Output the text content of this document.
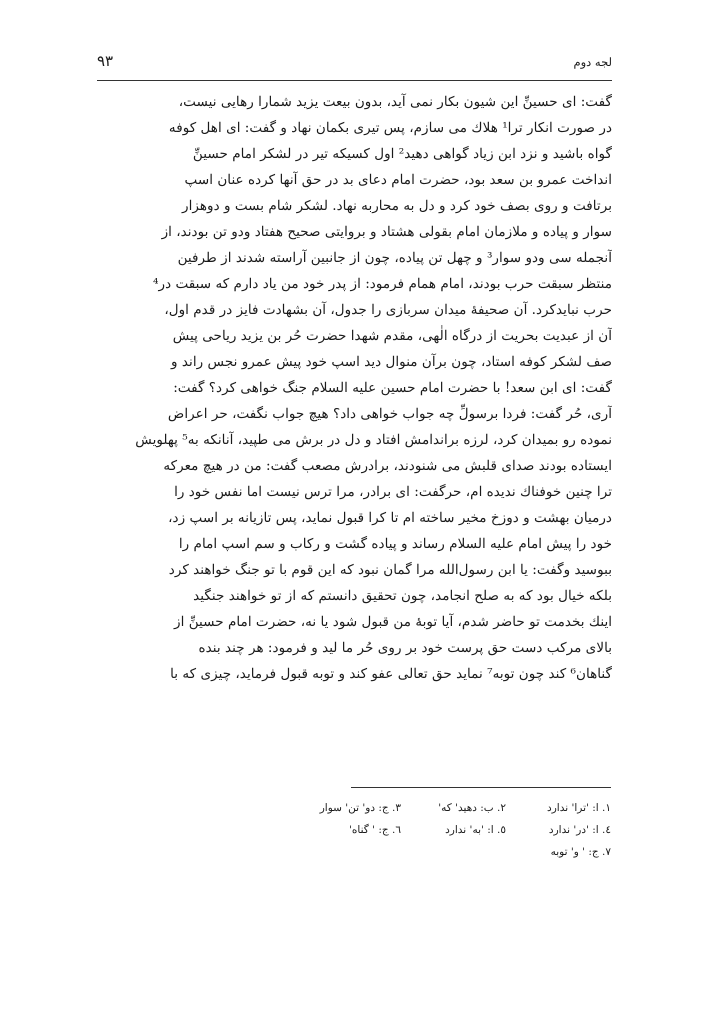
۹۳	لجه دوم
گفت: ای حسینِّ این شیون بکار نمی آید، بدون بیعت یزید شمارا رهایی نیست،
در صورت انکار ترا¹ هلاك می سازم، پس تیری بکمان نهاد و گفت: ای اهل کوفه
گواه باشید و نزد ابن زیاد گواهی دهید² اول کسیکه تیر در لشکر امام حسینِّ
انداخت عمرو بن سعد بود، حضرت امام دعای بد در حق آنها کرده عنان اسپ
برتافت و روی بصف خود کرد و دل به محاربه نهاد. لشکر شام بست و دوهزار
سوار و پیاده و ملازمان امام بقولی هشتاد و بروایتی صحیح هفتاد ودو تن بودند، از
آنجمله سی ودو سوار³ و چهل تن پیاده، چون از جانبین آراسته شدند از طرفین
منتظر سبقت حرب بودند، امام همام فرمود: از پدر خود من یاد دارم که سبقت در⁴
حرب نبایدکرد. آن صحیفهٔ میدان سربازی را جدول، آن بشهادت فایز در قدم اول،
آن از عبدیت بحریت از درگاه الٰهی، مقدم شهدا حضرت حُر بن یزید ریاحی پیش
صف لشکر کوفه استاد، چون برآن منوال دید اسپ خود پیش عمرو نجس راند و
گفت: ای ابن سعد! با حضرت امام حسین علیه السلام جنگ خواهی کرد؟ گفت:
آری، حُر گفت: فردا برسولِّ چه جواب خواهی داد؟ هیچ جواب نگفت، حر اعراض
نموده رو بمیدان کرد، لرزه براندامش افتاد و دل در برش می طپید، آنانکه به⁵ پهلویش
ایستاده بودند صدای قلبش می شنودند، برادرش مصعب گفت: من در هیچ معرکه
ترا چنین خوفناك ندیده ام، حرگفت: ای برادر، مرا ترس نیست اما نفس خود را
درمیان بهشت و دوزخ مخیر ساخته ام تا کرا قبول نماید، پس تازیانه بر اسپ زد،
خود را پیش امام علیه السلام رساند و پیاده گشت و رکاب و سم اسپ امام را
ببوسید وگفت: یا ابن رسول‌الله مرا گمان نبود که این قوم با تو جنگ خواهند کرد
بلکه خیال بود که به صلح انجامد، چون تحقیق دانستم که از تو خواهند جنگید
اینك بخدمت تو حاضر شدم، آیا توبهٔ من قبول شود یا نه، حضرت امام حسینِّ از
بالای مرکب دست حق پرست خود بر روی حُر ما لید و فرمود: هر چند بنده
گناهان⁶ کند چون توبه⁷ نماید حق تعالی عفو کند و توبه قبول فرماید، چیزی که با
١. ا: 'ترا' ندارد
٢. ب: دهید' که'
٣. ج: دو' تن' سوار
٤. ا: 'در' ندارد
٥. ا: 'به' ندارد
٦. ج: ' گناه'
٧. ج: ' و' توبه
